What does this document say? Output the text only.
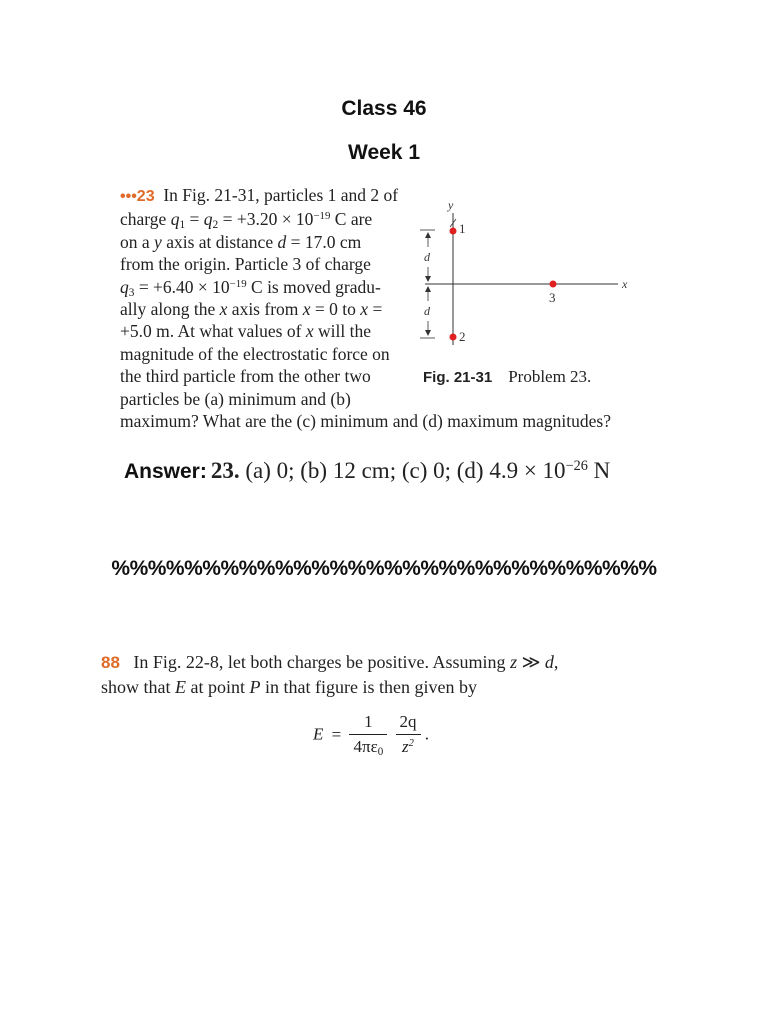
Class 46
Week 1
•••23 In Fig. 21-31, particles 1 and 2 of
charge $q_1 = q_2 = +3.20 \times 10^{-19}$ C are
on a y axis at distance d = 17.0 cm
from the origin. Particle 3 of charge
$q_3 = +6.40 \times 10^{-19}$ C is moved gradu-
ally along the x axis from x = 0 to x =
+5.0 m. At what values of x will the
magnitude of the electrostatic force on
the third particle from the other two
particles be (a) minimum and (b)
maximum? What are the (c) minimum and (d) maximum magnitudes?
y
x
d
d
1
2
3
Fig. 21-31 Problem 23.
Answer: 23. (a) 0; (b) 12 cm; (c) 0; (d) $4.9 \times 10^{-26}$ N
%%%%%%%%%%%%%%%%%%%%%%%%%%%%%%
88 In Fig. 22-8, let both charges be positive. Assuming z ≫ d,
show that E at point P in that figure is then given by
$E = \frac{1}{4\pi\varepsilon_0}$
$\frac{2q}{z^2}$ .
